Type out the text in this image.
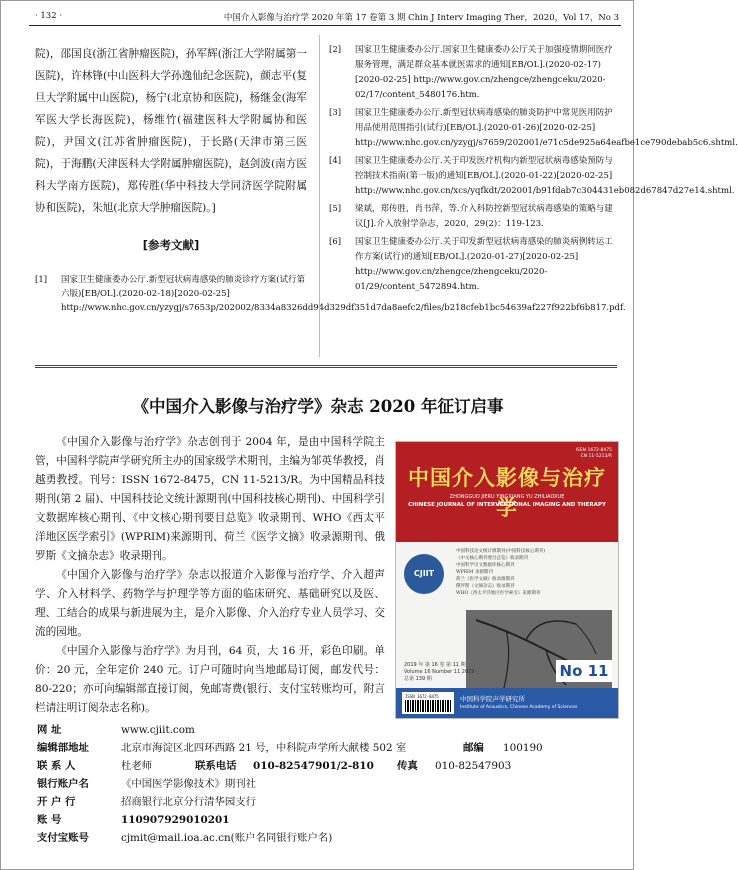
· 132 ·	中国介入影像与治疗学 2020 年第 17 卷第 3 期 Chin J Interv Imaging Ther，2020，Vol 17，No 3
院)，邵国良(浙江省肿瘤医院)，孙军辉(浙江大学附属第一医院)，许林锋(中山医科大学孙逸仙纪念医院)，颜志平(复旦大学附属中山医院)，杨宁(北京协和医院)，杨继金(海军军医大学长海医院)，杨维竹(福建医科大学附属协和医院)，尹国文(江苏省肿瘤医院)，于长路(天津市第三医院)，于海鹏(天津医科大学附属肿瘤医院)，赵剑波(南方医科大学南方医院)，郑传胜(华中科技大学同济医学院附属协和医院)，朱旭(北京大学肿瘤医院)。]
[参考文献]
[1] 国家卫生健康委办公厅.新型冠状病毒感染的肺炎诊疗方案(试行第六版)[EB/OL].(2020-02-18)[2020-02-25] http://www.nhc.gov.cn/yzygj/s7653p/202002/8334a8326dd94d329df351d7da8aefc2/files/b218cfeb1bc54639af227f922bf6b817.pdf.
[2] 国家卫生健康委办公厅.国家卫生健康委办公厅关于加强疫情期间医疗服务管理，满足群众基本就医需求的通知[EB/OL].(2020-02-17)[2020-02-25] http://www.gov.cn/zhengce/zhengceku/2020-02/17/content_5480176.htm.
[3] 国家卫生健康委办公厅.新型冠状病毒感染的肺炎防护中常见医用防护用品使用范围指引(试行)[EB/OL].(2020-01-26)[2020-02-25] http://www.nhc.gov.cn/yzygj/s7659/202001/e71c5de925a64eafbe1ce790debab5c6.shtml.
[4] 国家卫生健康委办公厅.关于印发医疗机构内新型冠状病毒感染预防与控制技术指南(第一版)的通知[EB/OL].(2020-01-22)[2020-02-25] http://www.nhc.gov.cn/xcs/yqfkdt/202001/b91fdab7c304431eb082d67847d27e14.shtml.
[5] 梁斌，郑传胜，肖书萍，等.介入科防控新型冠状病毒感染的策略与建议[J].介入放射学杂志，2020，29(2)：119-123.
[6] 国家卫生健康委办公厅.关于印发新型冠状病毒感染的肺炎病例转运工作方案(试行)的通知[EB/OL].(2020-01-27)[2020-02-25] http://www.gov.cn/zhengce/zhengceku/2020-01/29/content_5472894.htm.
《中国介入影像与治疗学》杂志 2020 年征订启事

《中国介入影像与治疗学》杂志创刊于 2004 年，是由中国科学院主管，中国科学院声学研究所主办的国家级学术期刊，主编为邹英华教授，肖越勇教授。刊号：ISSN 1672-8475，CN 11-5213/R。为中国精品科技期刊(第 2 届)、中国科技论文统计源期刊(中国科技核心期刊)、中国科学引文数据库核心期刊、《中文核心期刊要目总览》收录期刊、WHO《西太平洋地区医学索引》(WPRIM)来源期刊、荷兰《医学文摘》收录源期刊、俄罗斯《文摘杂志》收录期刊。

《中国介入影像与治疗学》杂志以报道介入影像与治疗学、介入超声学、介入材料学、药物学与护理学等方面的临床研究、基础研究以及医、理、工结合的成果与新进展为主，是介入影像、介入治疗专业人员学习、交流的园地。

《中国介入影像与治疗学》为月刊，64 页，大 16 开，彩色印刷。单价：20 元，全年定价 240 元。订户可随时向当地邮局订阅，邮发代号：80-220；亦可向编辑部直接订阅，免邮寄费(银行、支付宝转账均可，附言栏请注明订阅杂志名称)。

ISSN 1672-8475
CN 11-5213/R
中国介入影像与治疗学
ZHONGGUO JIERU YINGXIANG YU ZHILIAOXUE
CHINESE JOURNAL OF INTERVENTIONAL IMAGING AND THERAPY
CJIIT
中国科技论文统计源期刊(中国科技核心期刊)
《中文核心期刊要目总览》收录期刊
中国科学引文数据库核心期刊
WPRIM 来源期刊
荷兰《医学文摘》收录源期刊
俄罗斯《文摘杂志》收录期刊
WHO《西太平洋地区医学索引》来源期刊
2019 年 第 16 卷 第 11 期
Volume 16 Number 11 2019
总第 139 期	No 11
ISSN 1672-8475	中国科学院声学研究所
Institute of Acoustics, Chinese Academy of Sciences
网 址	www.cjiit.com
编辑部地址	北京市海淀区北四环西路 21 号，中科院声学所大献楼 502 室	邮编 100190
联 系 人	杜老师	联系电话 010-82547901/2-810 传真 010-82547903
银行账户名	《中国医学影像技术》期刊社
开 户 行	招商银行北京分行清华园支行
账 号	110907929010201
支付宝账号	cjmit@mail.ioa.ac.cn(账户名同银行账户名)
